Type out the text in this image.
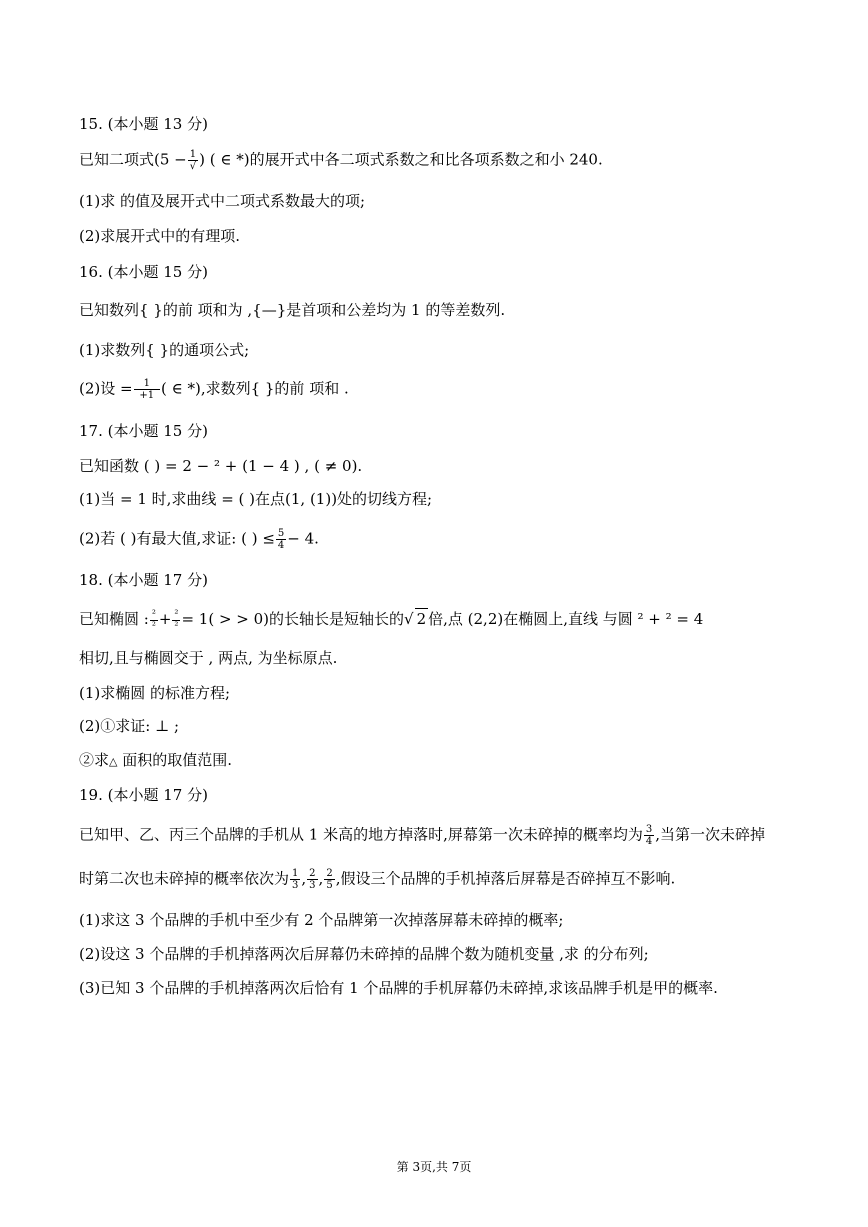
15. (本小题 13 分)
已知二项式($5 - \frac{1}{√}$ ) ( ∈ *)的展开式中各二项式系数之和比各项系数之和小 240.
(1)求 的值及展开式中二项式系数最大的项;
(2)求展开式中的有理项.
16. (本小题 15 分)
已知数列{ }的前 项和为 ,{—}是首项和公差均为 1 的等差数列.
(1)求数列{ }的通项公式;
(2)设 = $\frac{1}{+1}$ ( ∈ *),求数列{ }的前 项和 .
17. (本小题 15 分)
已知函数 ( ) = 2 − ² + (1 − 4 ) , ( ≠ 0).
(1)当 = 1 时,求曲线 = ( )在点(1, (1))处的切线方程;
(2)若 ( )有最大值,求证: ( ) ≤ $\frac{5}{4} - 4$.
18. (本小题 17 分)
已知椭圆 : $\frac{\text{²}}{\text{²}} + \frac{\text{²}}{\text{²}} = 1$( > > 0)的长轴长是短轴长的√ 2 倍,点 (2,2)在椭圆上,直线 与圆 ² + ² = 4
相切,且与椭圆交于 , 两点, 为坐标原点.
(1)求椭圆 的标准方程;
(2)①求证: ⊥ ;
②求△ 面积的取值范围.
19. (本小题 17 分)
已知甲、乙、丙三个品牌的手机从 1 米高的地方掉落时,屏幕第一次未碎掉的概率均为 $\frac{3}{4}$ ,当第一次未碎掉
时第二次也未碎掉的概率依次为 $\frac{1}{3}$ , $\frac{2}{3}$ , $\frac{2}{5}$ ,假设三个品牌的手机掉落后屏幕是否碎掉互不影响.
(1)求这 3 个品牌的手机中至少有 2 个品牌第一次掉落屏幕未碎掉的概率;
(2)设这 3 个品牌的手机掉落两次后屏幕仍未碎掉的品牌个数为随机变量 ,求 的分布列;
(3)已知 3 个品牌的手机掉落两次后恰有 1 个品牌的手机屏幕仍未碎掉,求该品牌手机是甲的概率.
第 3页,共 7页
